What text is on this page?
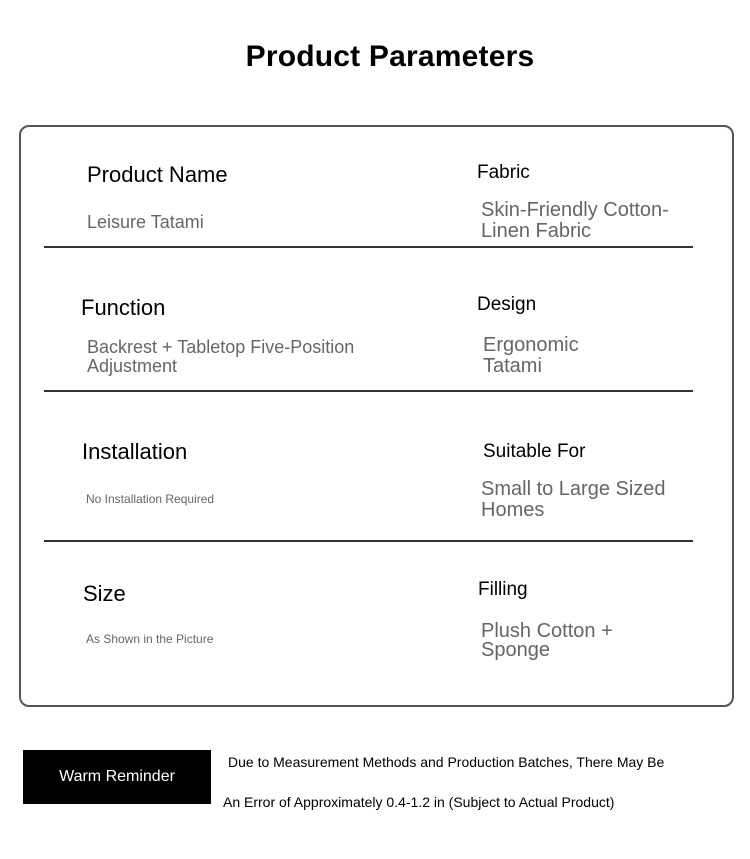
Product Parameters
Product Name
Leisure Tatami
Fabric
Skin-Friendly Cotton-Linen Fabric
Function
Backrest + Tabletop Five-Position Adjustment
Design
Ergonomic Tatami
Installation
No Installation Required
Suitable For
Small to Large Sized Homes
Size
As Shown in the Picture
Filling
Plush Cotton + Sponge
Warm Reminder
Due to Measurement Methods and Production Batches, There May Be
An Error of Approximately 0.4-1.2 in (Subject to Actual Product)
